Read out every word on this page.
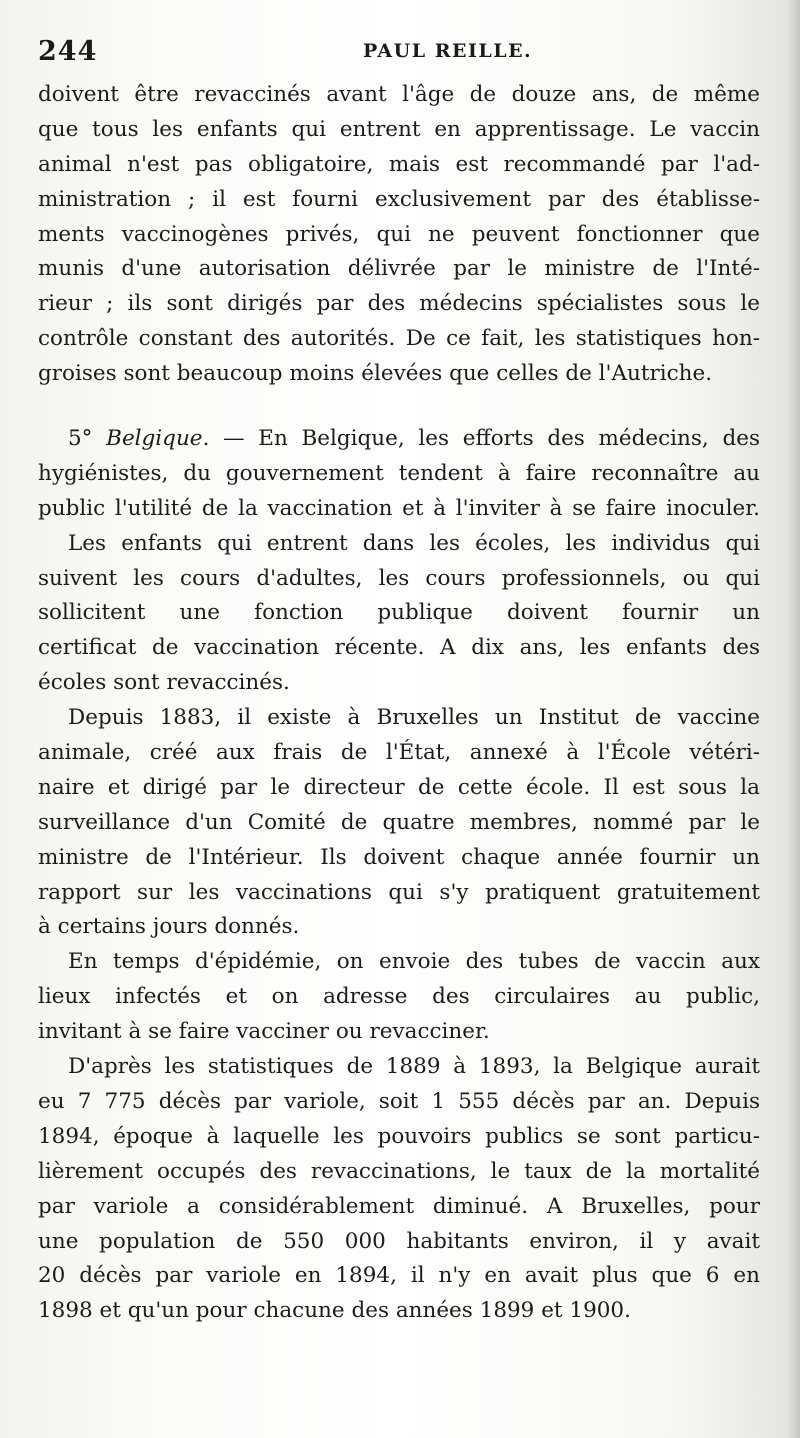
244	PAUL REILLE.
doivent être revaccinés avant l'âge de douze ans, de même
que tous les enfants qui entrent en apprentissage. Le vaccin
animal n'est pas obligatoire, mais est recommandé par l'ad-
ministration ; il est fourni exclusivement par des établisse-
ments vaccinogènes privés, qui ne peuvent fonctionner que
munis d'une autorisation délivrée par le ministre de l'Inté-
rieur ; ils sont dirigés par des médecins spécialistes sous le
contrôle constant des autorités. De ce fait, les statistiques hon-
groises sont beaucoup moins élevées que celles de l'Autriche.
5° Belgique. — En Belgique, les efforts des médecins, des
hygiénistes, du gouvernement tendent à faire reconnaître au
public l'utilité de la vaccination et à l'inviter à se faire inoculer.
Les enfants qui entrent dans les écoles, les individus qui
suivent les cours d'adultes, les cours professionnels, ou qui
sollicitent une fonction publique doivent fournir un
certificat de vaccination récente. A dix ans, les enfants des
écoles sont revaccinés.
Depuis 1883, il existe à Bruxelles un Institut de vaccine
animale, créé aux frais de l'État, annexé à l'École vétéri-
naire et dirigé par le directeur de cette école. Il est sous la
surveillance d'un Comité de quatre membres, nommé par le
ministre de l'Intérieur. Ils doivent chaque année fournir un
rapport sur les vaccinations qui s'y pratiquent gratuitement
à certains jours donnés.
En temps d'épidémie, on envoie des tubes de vaccin aux
lieux infectés et on adresse des circulaires au public,
invitant à se faire vacciner ou revacciner.
D'après les statistiques de 1889 à 1893, la Belgique aurait
eu 7 775 décès par variole, soit 1 555 décès par an. Depuis
1894, époque à laquelle les pouvoirs publics se sont particu-
lièrement occupés des revaccinations, le taux de la mortalité
par variole a considérablement diminué. A Bruxelles, pour
une population de 550 000 habitants environ, il y avait
20 décès par variole en 1894, il n'y en avait plus que 6 en
1898 et qu'un pour chacune des années 1899 et 1900.
